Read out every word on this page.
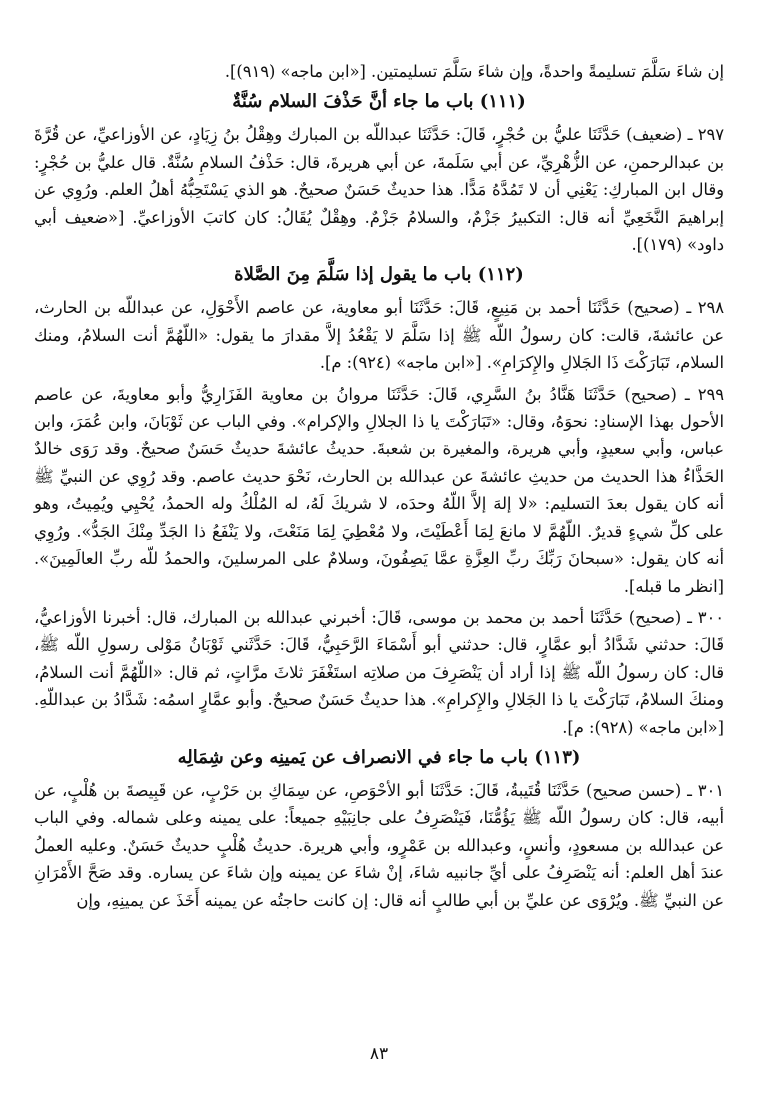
إن شاءَ سَلَّمَ تسليمةً واحدةً، وإن شاءَ سَلَّمَ تسليمتين. [«ابن ماجه» (٩١٩)].

(١١١) باب ما جاء أنَّ حَذْفَ السلام سُنَّةٌ

٢٩٧ ـ (ضعيف) حَدَّثَنَا عليُّ بن حُجْرٍ، قَالَ: حَدَّثَنَا عبداللّه بن المبارك وهِقْلُ بنُ زِيَادٍ، عن الأوزاعيِّ، عن قُرَّةَ بن عبدالرحمنِ، عن الزُّهْرِيِّ، عن أبي سَلَمةَ، عن أبي هريرةَ، قال: حَذْفُ السلامِ سُنَّةٌ. قال عليُّ بن حُجْرٍ: وقال ابن المباركِ: يَعْنِي أن لا تَمُدَّهُ مَدًّا. هذا حديثٌ حَسَنٌ صحيحٌ. هو الذي يَسْتَحِبُّهُ أهلُ العلم. ورُوِي عن إبراهيمَ النَّخَعِيِّ أنه قال: التكبيرُ جَزْمٌ، والسلامُ جَزْمٌ. وهِقْلٌ يُقَالُ: كان كاتبَ الأوزاعيِّ. [«ضعيف أبي داود» (١٧٩)].

(١١٢) باب ما يقول إذا سَلَّمَ مِنَ الصَّلاة

٢٩٨ ـ (صحيح) حَدَّثَنَا أحمد بن مَنِيعٍ، قَالَ: حَدَّثَنَا أبو معاوية، عن عاصم الأَحْوَلِ، عن عبداللّه بن الحارث، عن عائشةَ، قالت: كان رسولُ اللّه ﷺ إذا سَلَّمَ لا يَقْعُدُ إلاَّ مقدارَ ما يقول: «اللّهُمَّ أنت السلامُ، ومنك السلام، تَبَارَكْتَ ذَا الجَلالِ والإِكرَامِ». [«ابن ماجه» (٩٢٤): م].

٢٩٩ ـ (صحيح) حَدَّثَنَا هَنَّادُ بنُ السَّرِي، قَالَ: حَدَّثَنَا مروانُ بن معاوية الفَزَارِيُّ وأبو معاويةَ، عن عاصم الأحول بهذا الإسنادِ: نحوَهُ، وقال: «تَبَارَكْتَ يا ذا الجلالِ والإكرام». وفي الباب عن ثَوْبَانَ، وابن عُمَرَ، وابن عباس، وأبي سعيدٍ، وأبي هريرة، والمغيرة بن شعبةَ. حديثُ عائشةَ حديثٌ حَسَنٌ صحيحٌ. وقد رَوَى خالدٌ الحَذَّاءُ هذا الحديث من حديثِ عائشةَ عن عبدالله بن الحارث، نَحْوَ حديث عاصم. وقد رُوِي عن النبيِّ ﷺ أنه كان يقول بعدَ التسليم: «لا إلهَ إلاَّ اللّهُ وحدَه، لا شريكَ لَهُ، له المُلْكُ وله الحمدُ، يُحْيِي ويُمِيتُ، وهو على كلِّ شيءٍ قديرٌ. اللّهُمَّ لا مانعَ لِمَا أَعْطَيْتَ، ولا مُعْطِيَ لِمَا مَنَعْتَ، ولا يَنْفَعُ ذا الجَدِّ مِنْكَ الجَدُّ». ورُوِي أنه كان يقول: «سبحانَ رَبِّكَ ربِّ العِزَّةِ عمَّا يَصِفُونَ، وسلامٌ على المرسلينَ، والحمدُ للّه ربِّ العالَمِينَ». [انظر ما قبله].

٣٠٠ ـ (صحيح) حَدَّثَنَا أحمد بن محمد بن موسى، قَالَ: أخبرني عبدالله بن المبارك، قال: أخبرنا الأوزاعيُّ، قَالَ: حدثني شَدَّادُ أبو عمَّارٍ، قال: حدثني أبو أَسْمَاءَ الرَّحَبِيُّ، قَالَ: حَدَّثَني ثَوْبَانُ مَوْلى رسولِ اللّه ﷺ، قال: كان رسولُ اللّه ﷺ إذا أراد أن يَنْصَرِفَ من صلاتِه استَغْفَرَ ثلاثَ مرَّاتٍ، ثم قال: «اللّهُمَّ أنت السلامُ، ومنكَ السلامُ، تَبَارَكْتَ يا ذا الجَلالِ والإِكرامِ». هذا حديثٌ حَسَنٌ صحيحٌ. وأبو عمَّارٍ اسمُه: شَدَّادُ بن عبداللّهِ. [«ابن ماجه» (٩٢٨): م].

(١١٣) باب ما جاء في الانصراف عن يَمينِه وعن شِمَالِه

٣٠١ ـ (حسن صحيح) حَدَّثَنَا قُتَيبةُ، قَالَ: حَدَّثَنَا أبو الأحْوَصِ، عن سِمَاكِ بن حَرْبٍ، عن قَبِيصةَ بن هُلْبٍ، عن أبيه، قال: كان رسولُ اللّه ﷺ يَؤُمُّنَا، فَيَنْصَرِفُ على جانِبَيْهِ جميعاً: على يمينه وعلى شماله. وفي الباب عن عبدالله بن مسعودٍ، وأنسٍ، وعبدالله بن عَمْرٍو، وأبي هريرة. حديثُ هُلْبٍ حديثٌ حَسَنٌ. وعليه العملُ عندَ أهل العلم: أنه يَنْصَرِفُ على أيِّ جانبيه شاءَ، إنْ شاءَ عن يمينه وإن شاءَ عن يساره. وقد صَحَّ الأَمْرَانِ عن النبيِّ ﷺ. ويُرْوَى عن عليِّ بن أبي طالبٍ أنه قال: إن كانت حاجتُه عن يمينه أَخَذَ عن يمينِهِ، وإن

٨٣
